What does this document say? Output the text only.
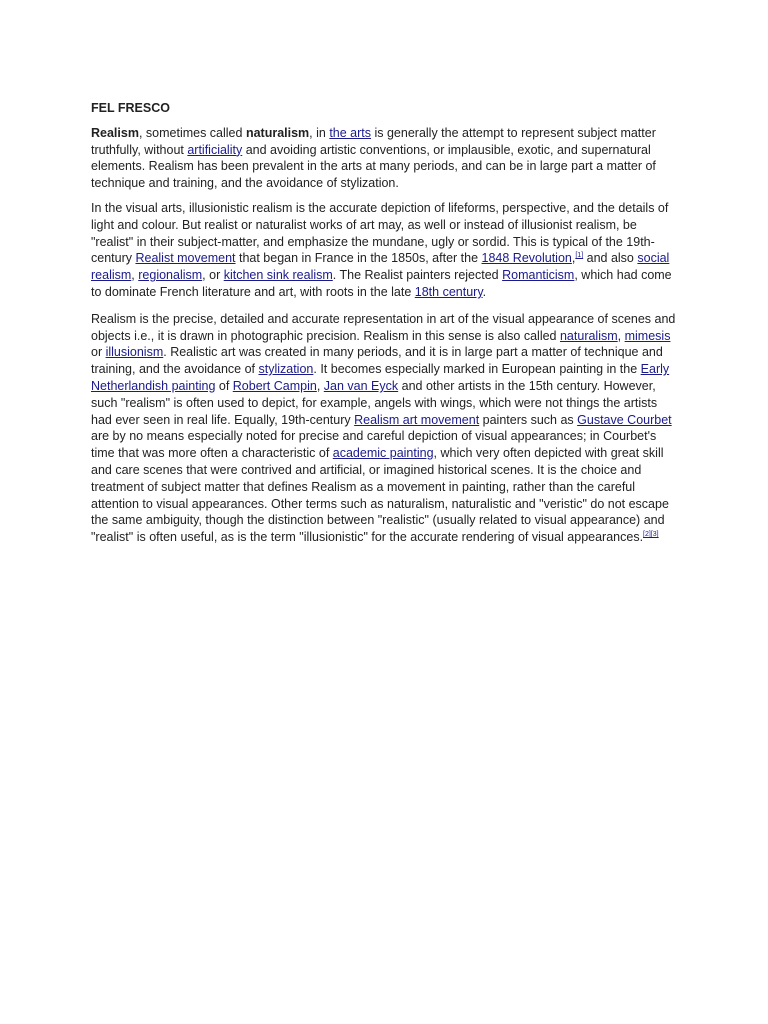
FEL FRESCO

Realism, sometimes called naturalism, in the arts is generally the attempt to represent subject matter truthfully, without artificiality and avoiding artistic conventions, or implausible, exotic, and supernatural elements. Realism has been prevalent in the arts at many periods, and can be in large part a matter of technique and training, and the avoidance of stylization.

In the visual arts, illusionistic realism is the accurate depiction of lifeforms, perspective, and the details of light and colour. But realist or naturalist works of art may, as well or instead of illusionist realism, be "realist" in their subject-matter, and emphasize the mundane, ugly or sordid. This is typical of the 19th-century Realist movement that began in France in the 1850s, after the 1848 Revolution,[1] and also social realism, regionalism, or kitchen sink realism. The Realist painters rejected Romanticism, which had come to dominate French literature and art, with roots in the late 18th century.

Realism is the precise, detailed and accurate representation in art of the visual appearance of scenes and objects i.e., it is drawn in photographic precision. Realism in this sense is also called naturalism, mimesis or illusionism. Realistic art was created in many periods, and it is in large part a matter of technique and training, and the avoidance of stylization. It becomes especially marked in European painting in the Early Netherlandish painting of Robert Campin, Jan van Eyck and other artists in the 15th century. However, such "realism" is often used to depict, for example, angels with wings, which were not things the artists had ever seen in real life. Equally, 19th-century Realism art movement painters such as Gustave Courbet are by no means especially noted for precise and careful depiction of visual appearances; in Courbet's time that was more often a characteristic of academic painting, which very often depicted with great skill and care scenes that were contrived and artificial, or imagined historical scenes. It is the choice and treatment of subject matter that defines Realism as a movement in painting, rather than the careful attention to visual appearances. Other terms such as naturalism, naturalistic and "veristic" do not escape the same ambiguity, though the distinction between "realistic" (usually related to visual appearance) and "realist" is often useful, as is the term "illusionistic" for the accurate rendering of visual appearances.[2][3]
